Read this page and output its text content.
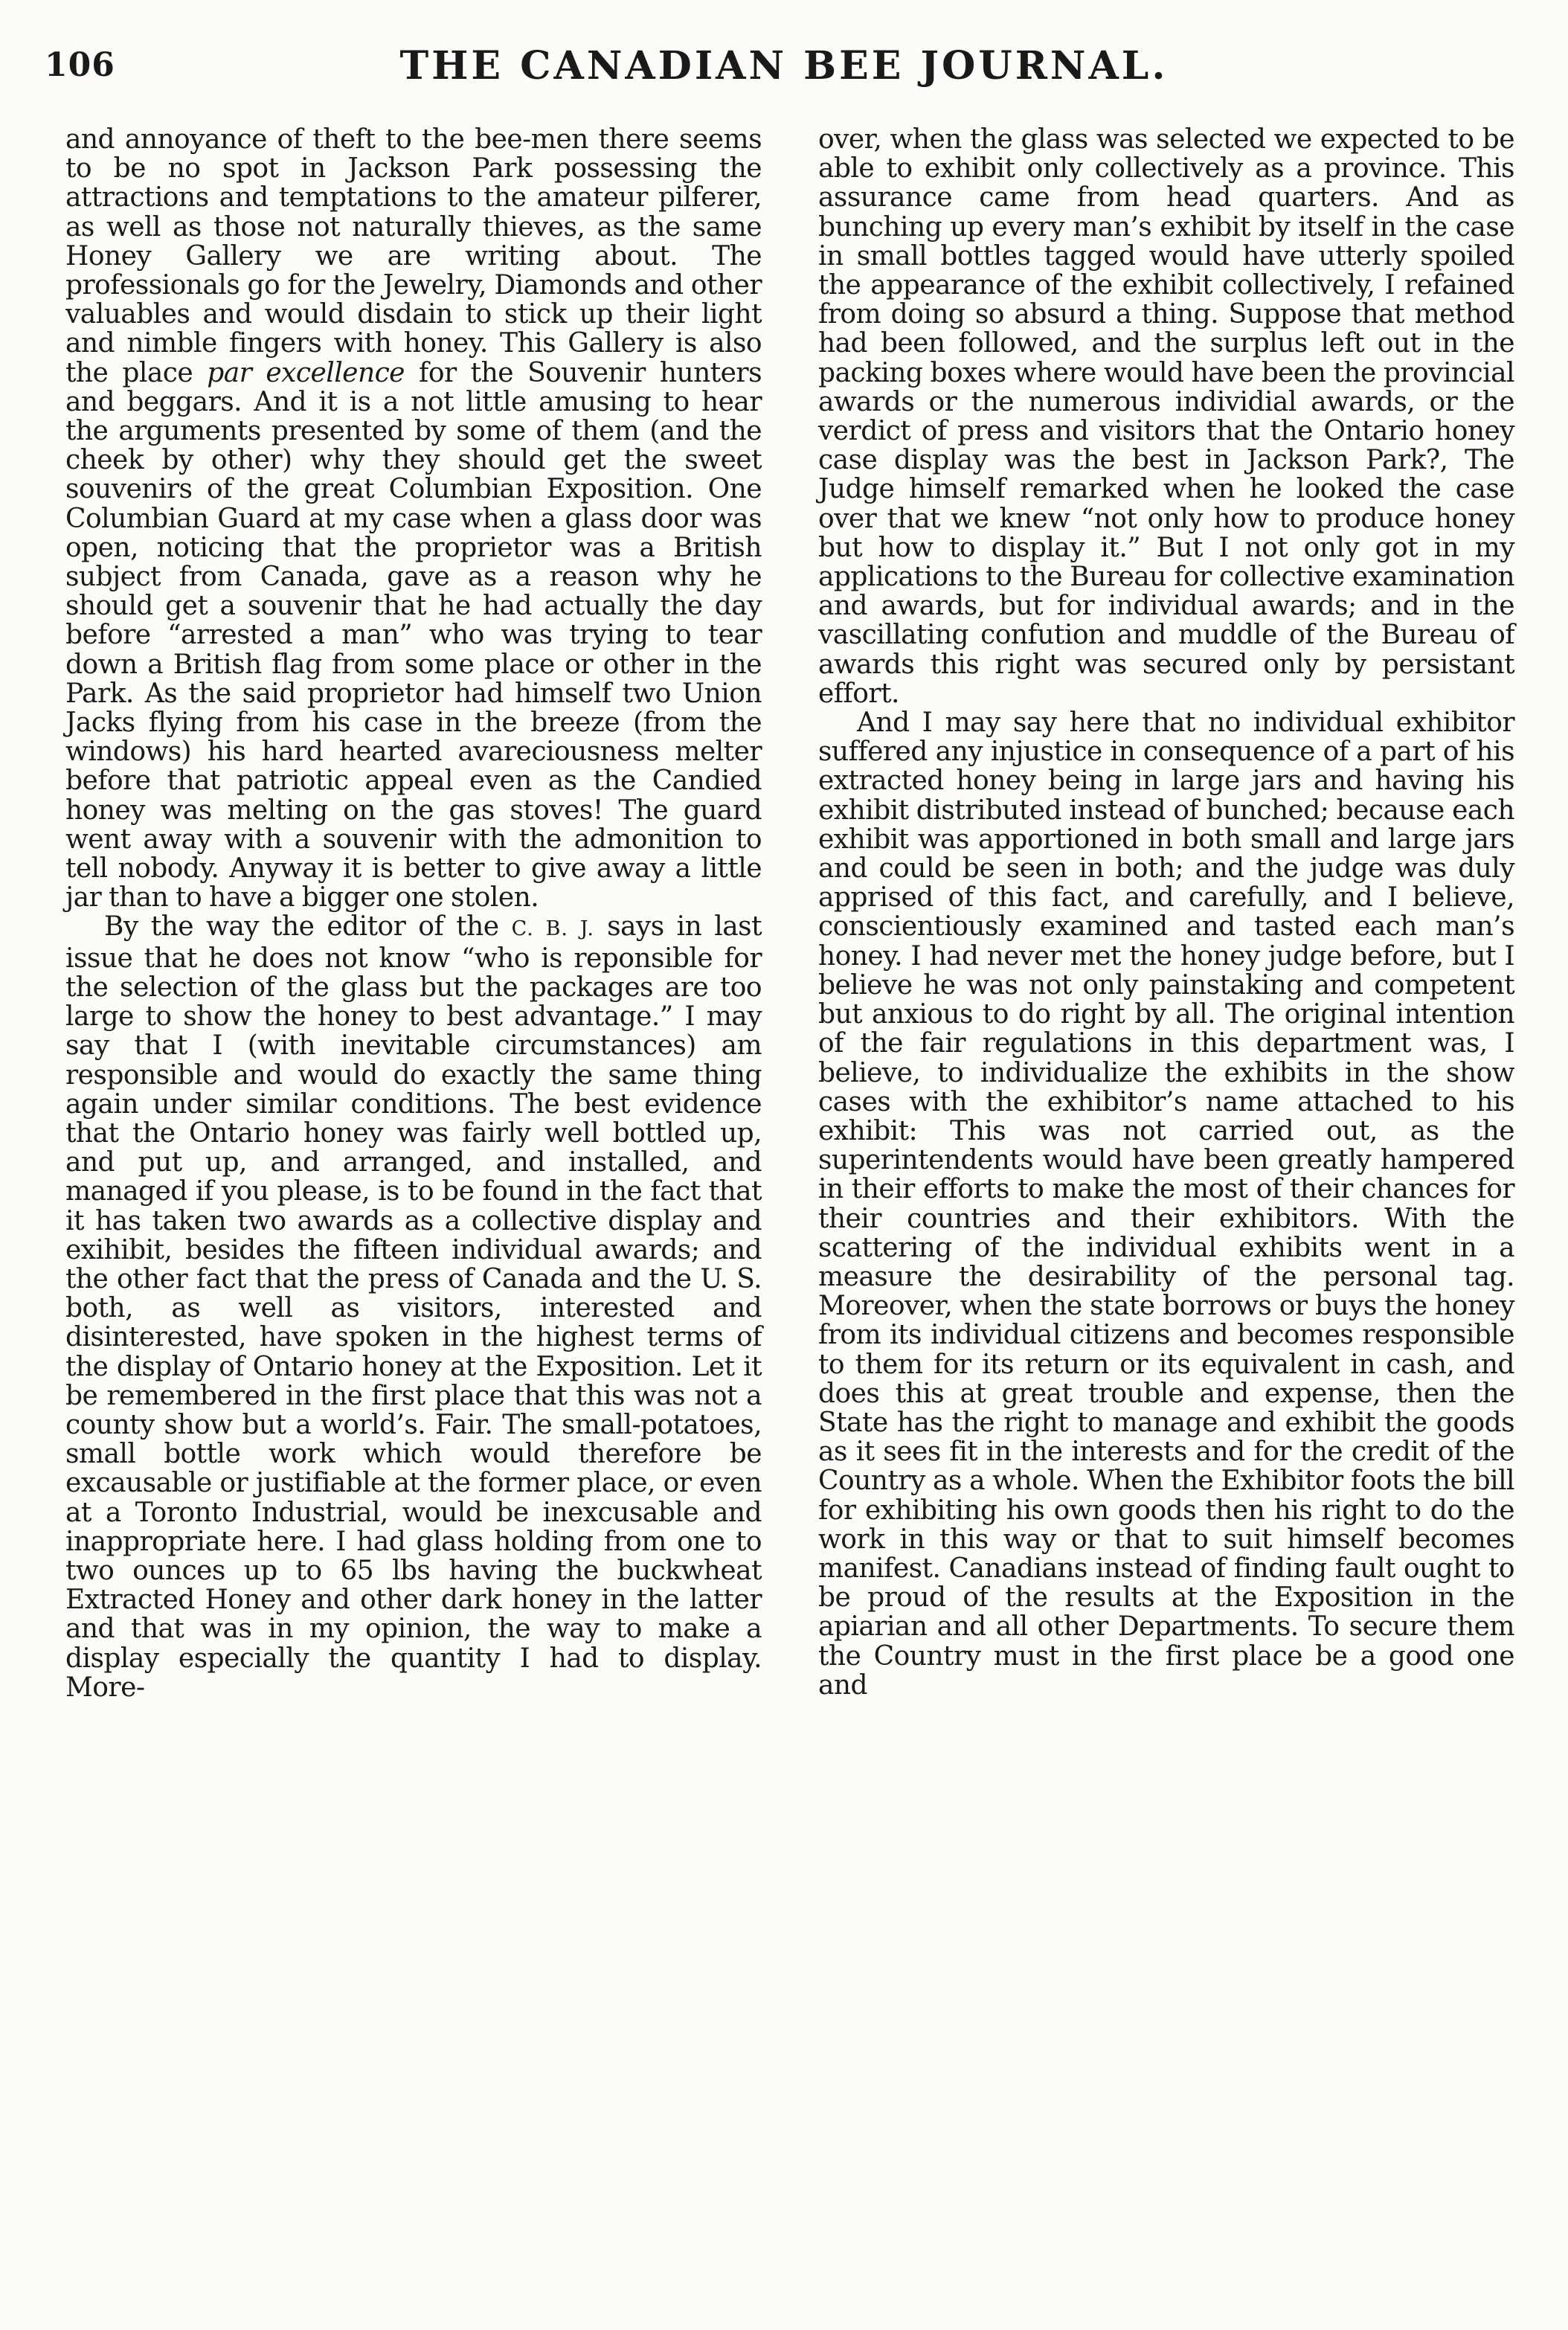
106	THE CANADIAN BEE JOURNAL.

and annoyance of theft to the bee-men there seems to be no spot in Jackson Park possessing the attractions and temptations to the amateur pilferer, as well as those not naturally thieves, as the same Honey Gallery we are writing about. The professionals go for the Jewelry, Diamonds and other valuables and would disdain to stick up their light and nimble fingers with honey. This Gallery is also the place par excellence for the Souvenir hunters and beggars. And it is a not little amusing to hear the arguments presented by some of them (and the cheek by other) why they should get the sweet souvenirs of the great Columbian Exposition. One Columbian Guard at my case when a glass door was open, noticing that the proprietor was a British subject from Canada, gave as a reason why he should get a souvenir that he had actually the day before “arrested a man” who was trying to tear down a British flag from some place or other in the Park. As the said proprietor had himself two Union Jacks flying from his case in the breeze (from the windows) his hard hearted avareciousness melter before that patriotic appeal even as the Candied honey was melting on the gas stoves! The guard went away with a souvenir with the admonition to tell nobody. Anyway it is better to give away a little jar than to have a bigger one stolen.

By the way the editor of the C. B. J. says in last issue that he does not know “who is reponsible for the selection of the glass but the packages are too large to show the honey to best advantage.” I may say that I (with inevitable circumstances) am responsible and would do exactly the same thing again under similar conditions. The best evidence that the Ontario honey was fairly well bottled up, and put up, and arranged, and installed, and managed if you please, is to be found in the fact that it has taken two awards as a collective display and exihibit, besides the fifteen individual awards; and the other fact that the press of Canada and the U. S. both, as well as visitors, interested and disinterested, have spoken in the highest terms of the display of Ontario honey at the Exposition. Let it be remembered in the first place that this was not a county show but a world’s. Fair. The small-potatoes, small bottle work which would therefore be excausable or justifiable at the former place, or even at a Toronto Industrial, would be inexcusable and inappropriate here. I had glass holding from one to two ounces up to 65 lbs having the buckwheat Extracted Honey and other dark honey in the latter and that was in my opinion, the way to make a display especially the quantity I had to display. More-

over, when the glass was selected we expected to be able to exhibit only collectively as a province. This assurance came from head quarters. And as bunching up every man’s exhibit by itself in the case in small bottles tagged would have utterly spoiled the appearance of the exhibit collectively, I refained from doing so absurd a thing. Suppose that method had been followed, and the surplus left out in the packing boxes where would have been the provincial awards or the numerous individial awards, or the verdict of press and visitors that the Ontario honey case display was the best in Jackson Park?, The Judge himself remarked when he looked the case over that we knew “not only how to produce honey but how to display it.” But I not only got in my applications to the Bureau for collective examination and awards, but for individual awards; and in the vascillating confution and muddle of the Bureau of awards this right was secured only by persistant effort.

And I may say here that no individual exhibitor suffered any injustice in consequence of a part of his extracted honey being in large jars and having his exhibit distributed instead of bunched; because each exhibit was apportioned in both small and large jars and could be seen in both; and the judge was duly apprised of this fact, and carefully, and I believe, conscientiously examined and tasted each man’s honey. I had never met the honey judge before, but I believe he was not only painstaking and competent but anxious to do right by all. The original intention of the fair regulations in this department was, I believe, to individualize the exhibits in the show cases with the exhibitor’s name attached to his exhibit: This was not carried out, as the superintendents would have been greatly hampered in their efforts to make the most of their chances for their countries and their exhibitors. With the scattering of the individual exhibits went in a measure the desirability of the personal tag. Moreover, when the state borrows or buys the honey from its individual citizens and becomes responsible to them for its return or its equivalent in cash, and does this at great trouble and expense, then the State has the right to manage and exhibit the goods as it sees fit in the interests and for the credit of the Country as a whole. When the Exhibitor foots the bill for exhibiting his own goods then his right to do the work in this way or that to suit himself becomes manifest. Canadians instead of finding fault ought to be proud of the results at the Exposition in the apiarian and all other Departments. To secure them the Country must in the first place be a good one and
